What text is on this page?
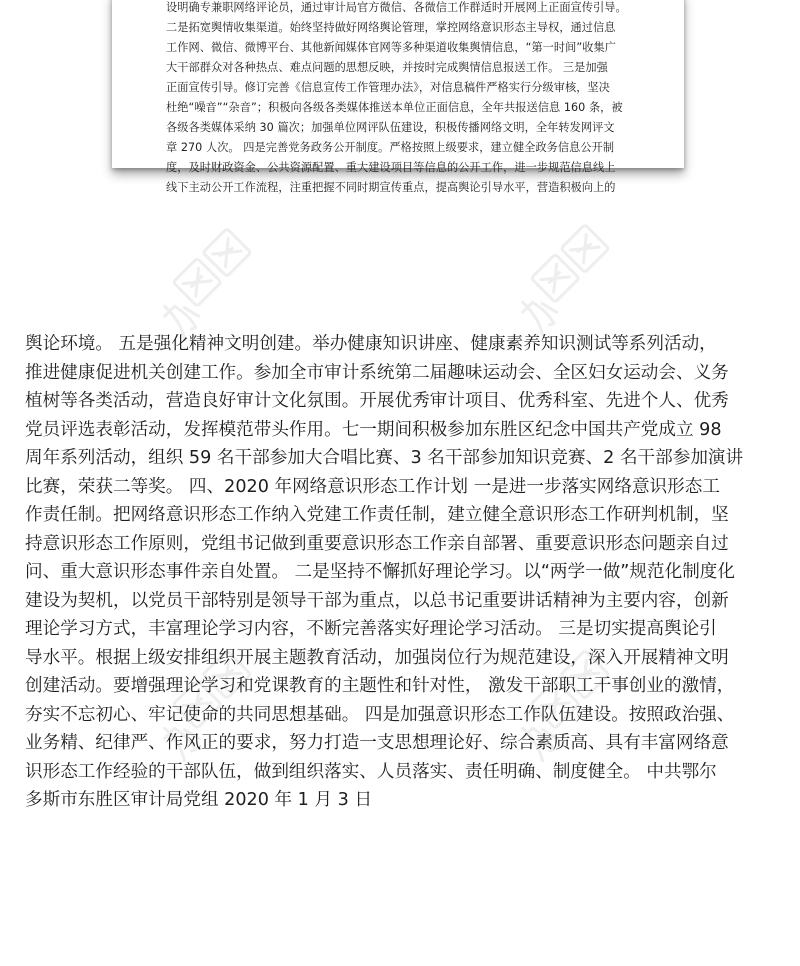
设明确专兼职网络评论员，通过审计局官方微信、各微信工作群适时开展网上正面宣传引导。
二是拓宽舆情收集渠道。始终坚持做好网络舆论管理，掌控网络意识形态主导权，通过信息
工作网、微信、微博平台、其他新闻媒体官网等多种渠道收集舆情信息，“第一时间”收集广
大干部群众对各种热点、难点问题的思想反映，并按时完成舆情信息报送工作。 三是加强
正面宣传引导。修订完善《信息宣传工作管理办法》，对信息稿件严格实行分级审核，坚决
杜绝“噪音”“杂音”；积极向各级各类媒体推送本单位正面信息，全年共报送信息 160 条，被
各级各类媒体采纳 30 篇次；加强单位网评队伍建设，积极传播网络文明，全年转发网评文
章 270 人次。 四是完善党务政务公开制度。严格按照上级要求，建立健全政务信息公开制
度，及时财政资金、公共资源配置、重大建设项目等信息的公开工作，进一步规范信息线上
线下主动公开工作流程，注重把握不同时期宣传重点，提高舆论引导水平，营造积极向上的
舆论环境。 五是强化精神文明创建。举办健康知识讲座、健康素养知识测试等系列活动，
推进健康促进机关创建工作。参加全市审计系统第二届趣味运动会、全区妇女运动会、义务
植树等各类活动，营造良好审计文化氛围。开展优秀审计项目、优秀科室、先进个人、优秀
党员评选表彰活动，发挥模范带头作用。七一期间积极参加东胜区纪念中国共产党成立 98
周年系列活动，组织 59 名干部参加大合唱比赛、3 名干部参加知识竞赛、2 名干部参加演讲
比赛，荣获二等奖。 四、2020 年网络意识形态工作计划 一是进一步落实网络意识形态工
作责任制。把网络意识形态工作纳入党建工作责任制，建立健全意识形态工作研判机制，坚
持意识形态工作原则，党组书记做到重要意识形态工作亲自部署、重要意识形态问题亲自过
问、重大意识形态事件亲自处置。 二是坚持不懈抓好理论学习。以“两学一做”规范化制度化
建设为契机，以党员干部特别是领导干部为重点，以总书记重要讲话精神为主要内容，创新
理论学习方式，丰富理论学习内容，不断完善落实好理论学习活动。 三是切实提高舆论引
导水平。根据上级安排组织开展主题教育活动，加强岗位行为规范建设，深入开展精神文明
创建活动。要增强理论学习和党课教育的主题性和针对性， 激发干部职工干事创业的激情，
夯实不忘初心、牢记使命的共同思想基础。 四是加强意识形态工作队伍建设。按照政治强、
业务精、纪律严、作风正的要求，努力打造一支思想理论好、综合素质高、具有丰富网络意
识形态工作经验的干部队伍，做到组织落实、人员落实、责任明确、制度健全。 中共鄂尔
多斯市东胜区审计局党组 2020 年 1 月 3 日
